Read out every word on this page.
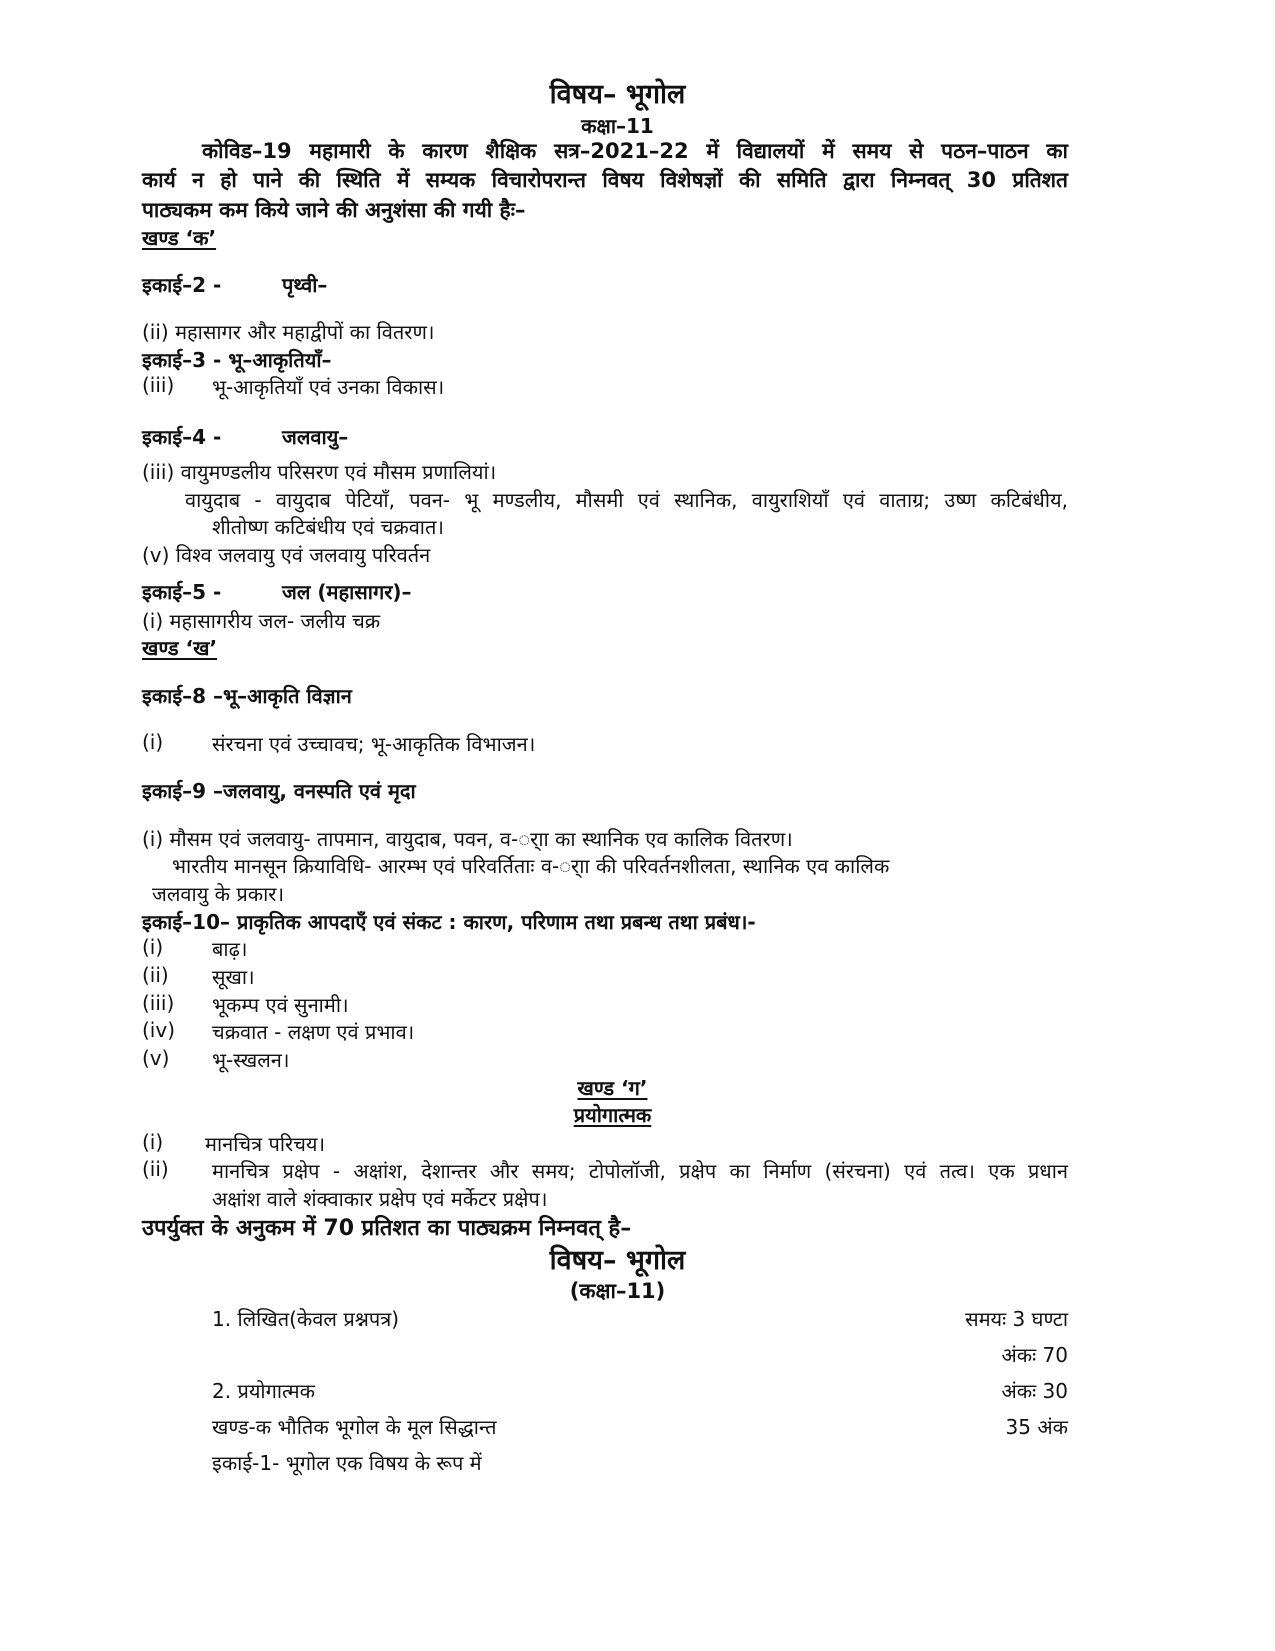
विषय– भूगोल
कक्षा–11
कोविड–19 महामारी के कारण शैक्षिक सत्र–2021–22 में विद्यालयों में समय से पठन–पाठन का
कार्य न हो पाने की स्थिति में सम्यक विचारोपरान्त विषय विशेषज्ञों की समिति द्वारा निम्नवत् 30 प्रतिशत
पाठ्यकम कम किये जाने की अनुशंसा की गयी हैः–
खण्ड ‘क’
इकाई–2 -	पृथ्वी–
(ii) महासागर और महाद्वीपों का वितरण।
इकाई–3 - भू–आकृतियाँ–
(iii) भू-आकृतियाँ एवं उनका विकास।
इकाई–4 -	जलवायु–
(iii) वायुमण्डलीय परिसरण एवं मौसम प्रणालियां।
वायुदाब - वायुदाब पेटियाँ, पवन- भू मण्डलीय, मौसमी एवं स्थानिक, वायुराशियाँ एवं वाताग्र; उष्ण कटिबंधीय,
शीतोष्ण कटिबंधीय एवं चक्रवात।
(v) विश्व जलवायु एवं जलवायु परिवर्तन
इकाई–5 -	जल (महासागर)–
(i) महासागरीय जल- जलीय चक्र
खण्ड ‘ख’
इकाई–8 –भू–आकृति विज्ञान
(i) संरचना एवं उच्चावच; भू-आकृतिक विभाजन।
इकाई–9 –जलवायु, वनस्पति एवं मृदा
(i) मौसम एवं जलवायु- तापमान, वायुदाब, पवन, व-र्ाा का स्थानिक एव कालिक वितरण।
भारतीय मानसून क्रियाविधि- आरम्भ एवं परिवर्तिताः व-र्ाा की परिवर्तनशीलता, स्थानिक एव कालिक
जलवायु के प्रकार।
इकाई–10– प्राकृतिक आपदाएँ एवं संकट : कारण, परिणाम तथा प्रबन्ध तथा प्रबंध।-
(i) बाढ़।
(ii) सूखा।
(iii) भूकम्प एवं सुनामी।
(iv) चक्रवात - लक्षण एवं प्रभाव।
(v) भू-स्खलन।
खण्ड ‘ग’
प्रयोगात्मक
(i) मानचित्र परिचय।
(ii) मानचित्र प्रक्षेप - अक्षांश, देशान्तर और समय; टोपोलॉजी, प्रक्षेप का निर्माण (संरचना) एवं तत्व। एक प्रधान
अक्षांश वाले शंक्वाकार प्रक्षेप एवं मर्केटर प्रक्षेप।
उपर्युक्त के अनुकम में 70 प्रतिशत का पाठ्यक्रम निम्नवत् है–
विषय– भूगोल
(कक्षा–11)
1. लिखित(केवल प्रश्नपत्र)	समयः 3 घण्टा
अंकः 70
2. प्रयोगात्मक	अंकः 30
खण्ड-क भौतिक भूगोल के मूल सिद्धान्त	35 अंक
इकाई-1- भूगोल एक विषय के रूप में
